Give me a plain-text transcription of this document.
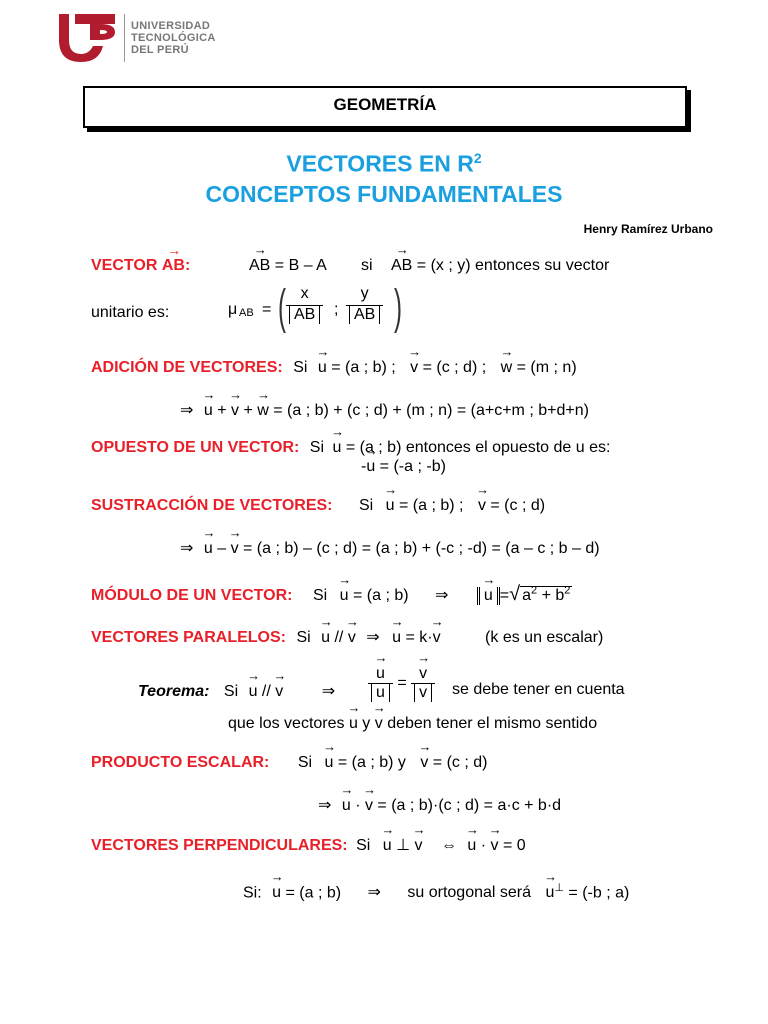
UNIVERSIDAD
TECNOLÓGICA
DEL PERÚ
GEOMETRÍA
VECTORES EN $R^2$
CONCEPTOS FUNDAMENTALES
Henry Ramírez Urbano
VECTOR AB →:	AB → = B – A si AB → = (x ; y) entonces su vector
unitario es:	μ AB = ( $\frac{x}{AB}$ ; $\frac{y}{AB}$ )
ADICIÓN DE VECTORES: Si u → = (a ; b) ; v → = (c ; d) ; w → = (m ; n)
⇒ u → + v → + w → = (a ; b) + (c ; d) + (m ; n) = (a+c+m ; b+d+n)
OPUESTO DE UN VECTOR: Si u → = (a ; b) entonces el opuesto de u es:
-u → = (-a ; -b)
SUSTRACCIÓN DE VECTORES: Si u → = (a ; b) ; v → = (c ; d)
⇒ u → – v → = (a ; b) – (c ; d) = (a ; b) + (-c ; -d) = (a – c ; b – d)
MÓDULO DE UN VECTOR: Si u → = (a ; b) ⇒ u → =√ $a^2 + b^2$
VECTORES PARALELOS: Si u → // v → ⇒ u → = k·v →	(k es un escalar)
Teorema: Si u → // v → ⇒ $\frac{u \to}{u} = \frac{v \to}{v}$ se debe tener en cuenta
que los vectores u → y v → deben tener el mismo sentido
PRODUCTO ESCALAR: Si u → = (a ; b) y v → = (c ; d)
⇒ u → · v → = (a ; b)·(c ; d) = a·c + b·d
VECTORES PERPENDICULARES: Si u → ⊥ v → ⇔ u → · v → = 0
Si: u → = (a ; b) ⇒ su ortogonal será u →⊥ = (-b ; a)
